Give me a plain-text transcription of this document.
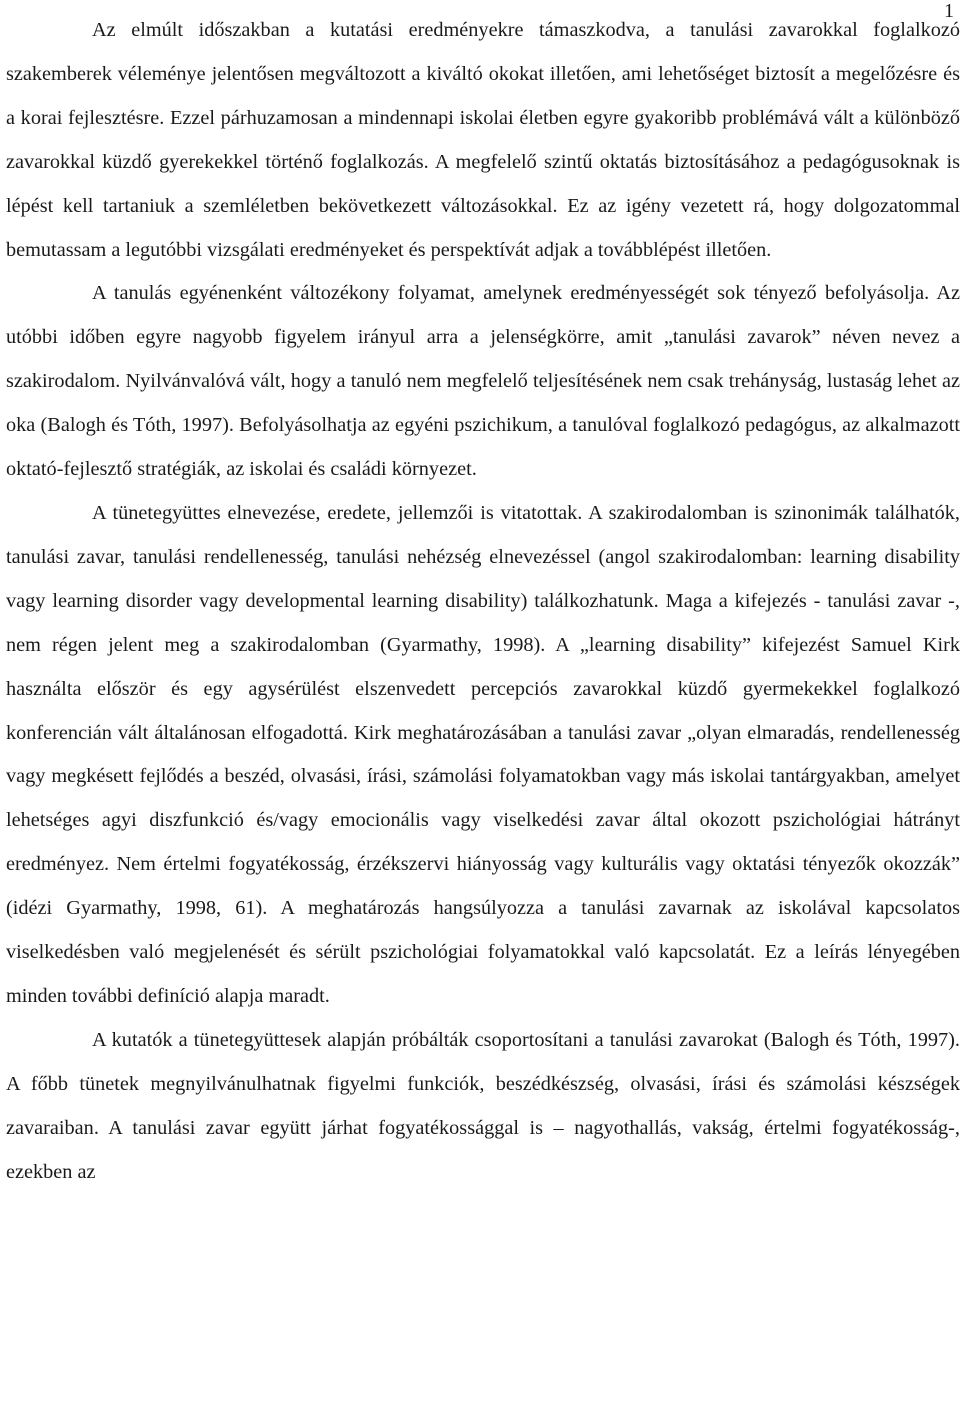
1

Az elmúlt időszakban a kutatási eredményekre támaszkodva, a tanulási zavarokkal foglalkozó szakemberek véleménye jelentősen megváltozott a kiváltó okokat illetően, ami lehetőséget biztosít a megelőzésre és a korai fejlesztésre. Ezzel párhuzamosan a mindennapi iskolai életben egyre gyakoribb problémává vált a különböző zavarokkal küzdő gyerekekkel történő foglalkozás. A megfelelő szintű oktatás biztosításához a pedagógusoknak is lépést kell tartaniuk a szemléletben bekövetkezett változásokkal. Ez az igény vezetett rá, hogy dolgozatommal bemutassam a legutóbbi vizsgálati eredményeket és perspektívát adjak a továbblépést illetően.

A tanulás egyénenként változékony folyamat, amelynek eredményességét sok tényező befolyásolja. Az utóbbi időben egyre nagyobb figyelem irányul arra a jelenségkörre, amit „tanulási zavarok” néven nevez a szakirodalom. Nyilvánvalóvá vált, hogy a tanuló nem megfelelő teljesítésének nem csak trehányság, lustaság lehet az oka (Balogh és Tóth, 1997). Befolyásolhatja az egyéni pszichikum, a tanulóval foglalkozó pedagógus, az alkalmazott oktató-fejlesztő stratégiák, az iskolai és családi környezet.

A tünetegyüttes elnevezése, eredete, jellemzői is vitatottak. A szakirodalomban is szinonimák találhatók, tanulási zavar, tanulási rendellenesség, tanulási nehézség elnevezéssel (angol szakirodalomban: learning disability vagy learning disorder vagy developmental learning disability) találkozhatunk. Maga a kifejezés - tanulási zavar -, nem régen jelent meg a szakirodalomban (Gyarmathy, 1998). A „learning disability” kifejezést Samuel Kirk használta először és egy agysérülést elszenvedett percepciós zavarokkal küzdő gyermekekkel foglalkozó konferencián vált általánosan elfogadottá. Kirk meghatározásában a tanulási zavar „olyan elmaradás, rendellenesség vagy megkésett fejlődés a beszéd, olvasási, írási, számolási folyamatokban vagy más iskolai tantárgyakban, amelyet lehetséges agyi diszfunkció és/vagy emocionális vagy viselkedési zavar által okozott pszichológiai hátrányt eredményez. Nem értelmi fogyatékosság, érzékszervi hiányosság vagy kulturális vagy oktatási tényezők okozzák” (idézi Gyarmathy, 1998, 61). A meghatározás hangsúlyozza a tanulási zavarnak az iskolával kapcsolatos viselkedésben való megjelenését és sérült pszichológiai folyamatokkal való kapcsolatát. Ez a leírás lényegében minden további definíció alapja maradt.

A kutatók a tünetegyüttesek alapján próbálták csoportosítani a tanulási zavarokat (Balogh és Tóth, 1997). A főbb tünetek megnyilvánulhatnak figyelmi funkciók, beszédkészség, olvasási, írási és számolási készségek zavaraiban. A tanulási zavar együtt járhat fogyatékossággal is – nagyothallás, vakság, értelmi fogyatékosság-, ezekben az
